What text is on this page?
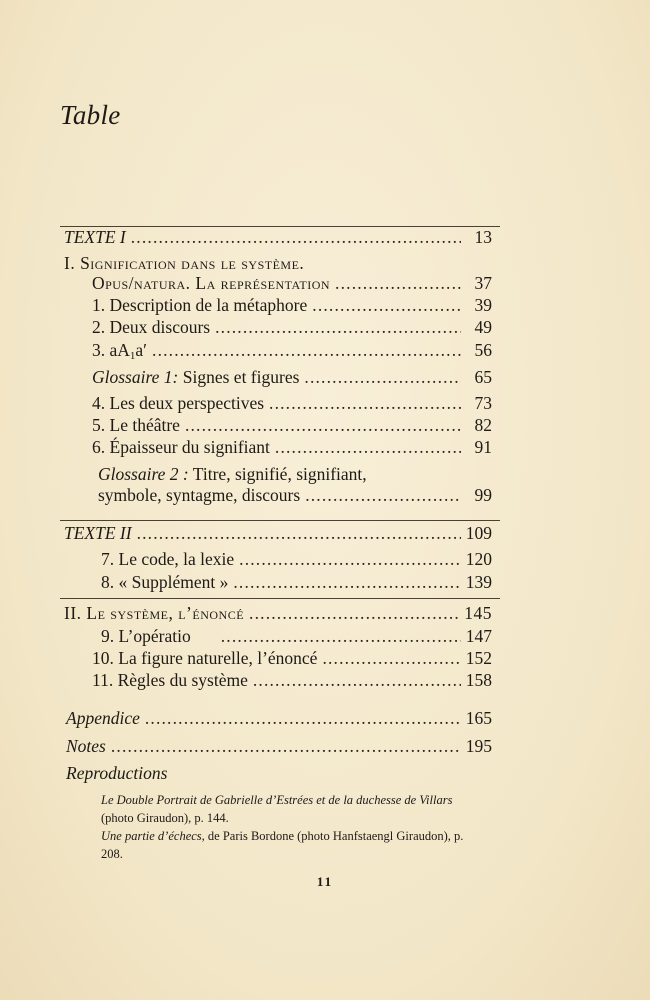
Table
TEXTE I . . .	13
I. Signification dans le système.
Opus/natura. La représentation . . .	37
1. Description de la métaphore . . .	39
2. Deux discours . . .	49
3. $aA_1a'$ . . .	56
Glossaire 1: Signes et figures . . .	65
4. Les deux perspectives . . .	73
5. Le théâtre . . .	82
6. Épaisseur du signifiant . . .	91
Glossaire 2 : Titre, signifié, signifiant,
symbole, syntagme, discours . . .	99
TEXTE II . . .	109
7. Le code, la lexie . . .	120
8. « Supplément » . . .	139
II. Le système, l’énoncé . . .	145
9. L’opératio . . .	147
10. La figure naturelle, l’énoncé . . .	152
11. Règles du système . . .	158
Appendice . . .	165
Notes . . .	195
Reproductions
Le Double Portrait de Gabrielle d’Estrées et de la duchesse de Villars (photo Giraudon), p. 144.
Une partie d’échecs, de Paris Bordone (photo Hanfstaengl Giraudon), p. 208.
11
